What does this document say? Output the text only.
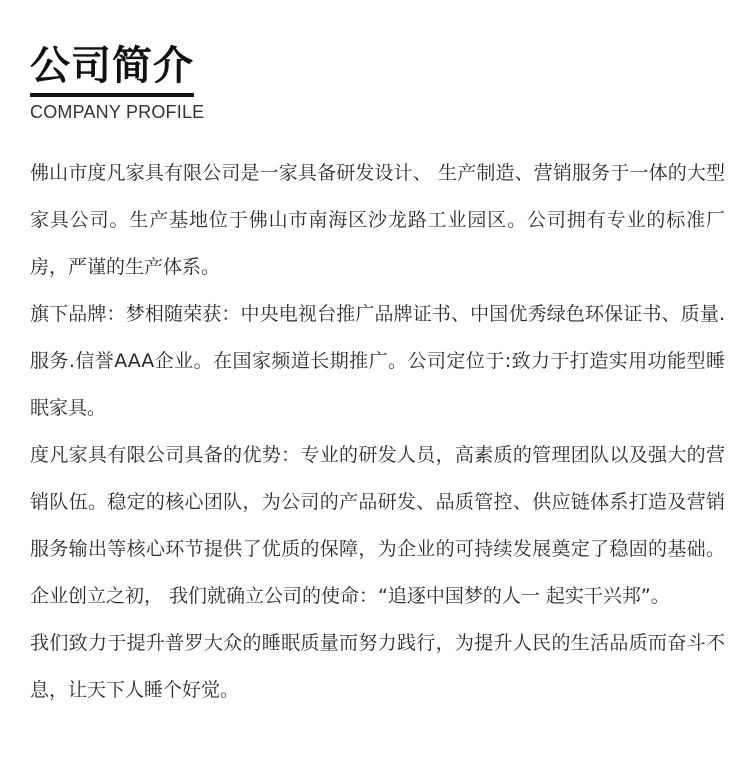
公司简介
COMPANY PROFILE

佛山市度凡家具有限公司是一家具备研发设计、 生产制造、营销服务于一体的大型家具公司。生产基地位于佛山市南海区沙龙路工业园区。公司拥有专业的标准厂房，严谨的生产体系。

旗下品牌：梦相随荣获：中央电视台推广品牌证书、中国优秀绿色环保证书、质量. 服务.信誉AAA企业。在国家频道长期推广。公司定位于:致力于打造实用功能型睡眠家具。

度凡家具有限公司具备的优势：专业的研发人员，高素质的管理团队以及强大的营销队伍。稳定的核心团队，为公司的产品研发、品质管控、供应链体系打造及营销服务输出等核心环节提供了优质的保障，为企业的可持续发展奠定了稳固的基础。企业创立之初， 我们就确立公司的使命：“追逐中国梦的人一 起实干兴邦”。

我们致力于提升普罗大众的睡眠质量而努力践行，为提升人民的生活品质而奋斗不息，让天下人睡个好觉。
